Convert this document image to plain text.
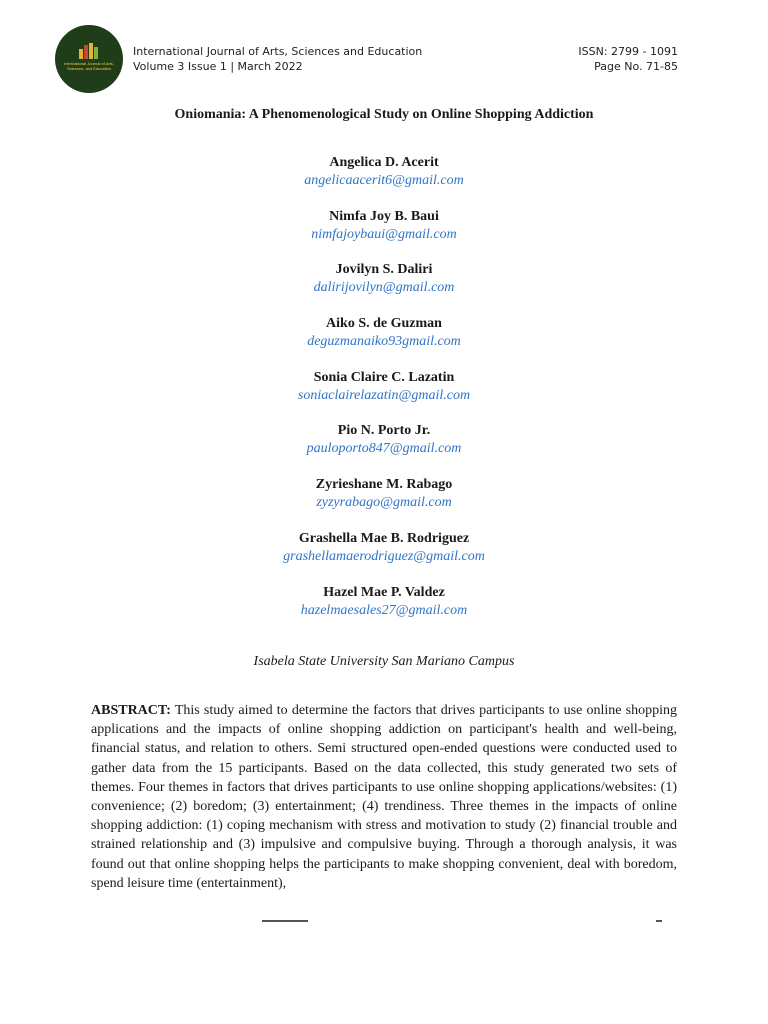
International Journal of Arts, Sciences, and Education
International Journal of Arts, Sciences and Education
Volume 3 Issue 1 | March 2022
ISSN: 2799 - 1091
Page No. 71-85
Oniomania: A Phenomenological Study on Online Shopping Addiction
Angelica D. Acerit
angelicaacerit6@gmail.com
Nimfa Joy B. Baui
nimfajoybaui@gmail.com
Jovilyn S. Daliri
dalirijovilyn@gmail.com
Aiko S. de Guzman
deguzmanaiko93gmail.com
Sonia Claire C. Lazatin
soniaclairelazatin@gmail.com
Pio N. Porto Jr.
pauloporto847@gmail.com
Zyrieshane M. Rabago
zyzyrabago@gmail.com
Grashella Mae B. Rodriguez
grashellamaerodriguez@gmail.com
Hazel Mae P. Valdez
hazelmaesales27@gmail.com
Isabela State University San Mariano Campus
ABSTRACT: This study aimed to determine the factors that drives participants to use online shopping applications and the impacts of online shopping addiction on participant's health and well-being, financial status, and relation to others. Semi structured open-ended questions were conducted used to gather data from the 15 participants. Based on the data collected, this study generated two sets of themes. Four themes in factors that drives participants to use online shopping applications/websites: (1) convenience; (2) boredom; (3) entertainment; (4) trendiness. Three themes in the impacts of online shopping addiction: (1) coping mechanism with stress and motivation to study (2) financial trouble and strained relationship and (3) impulsive and compulsive buying. Through a thorough analysis, it was found out that online shopping helps the participants to make shopping convenient, deal with boredom, spend leisure time (entertainment),
